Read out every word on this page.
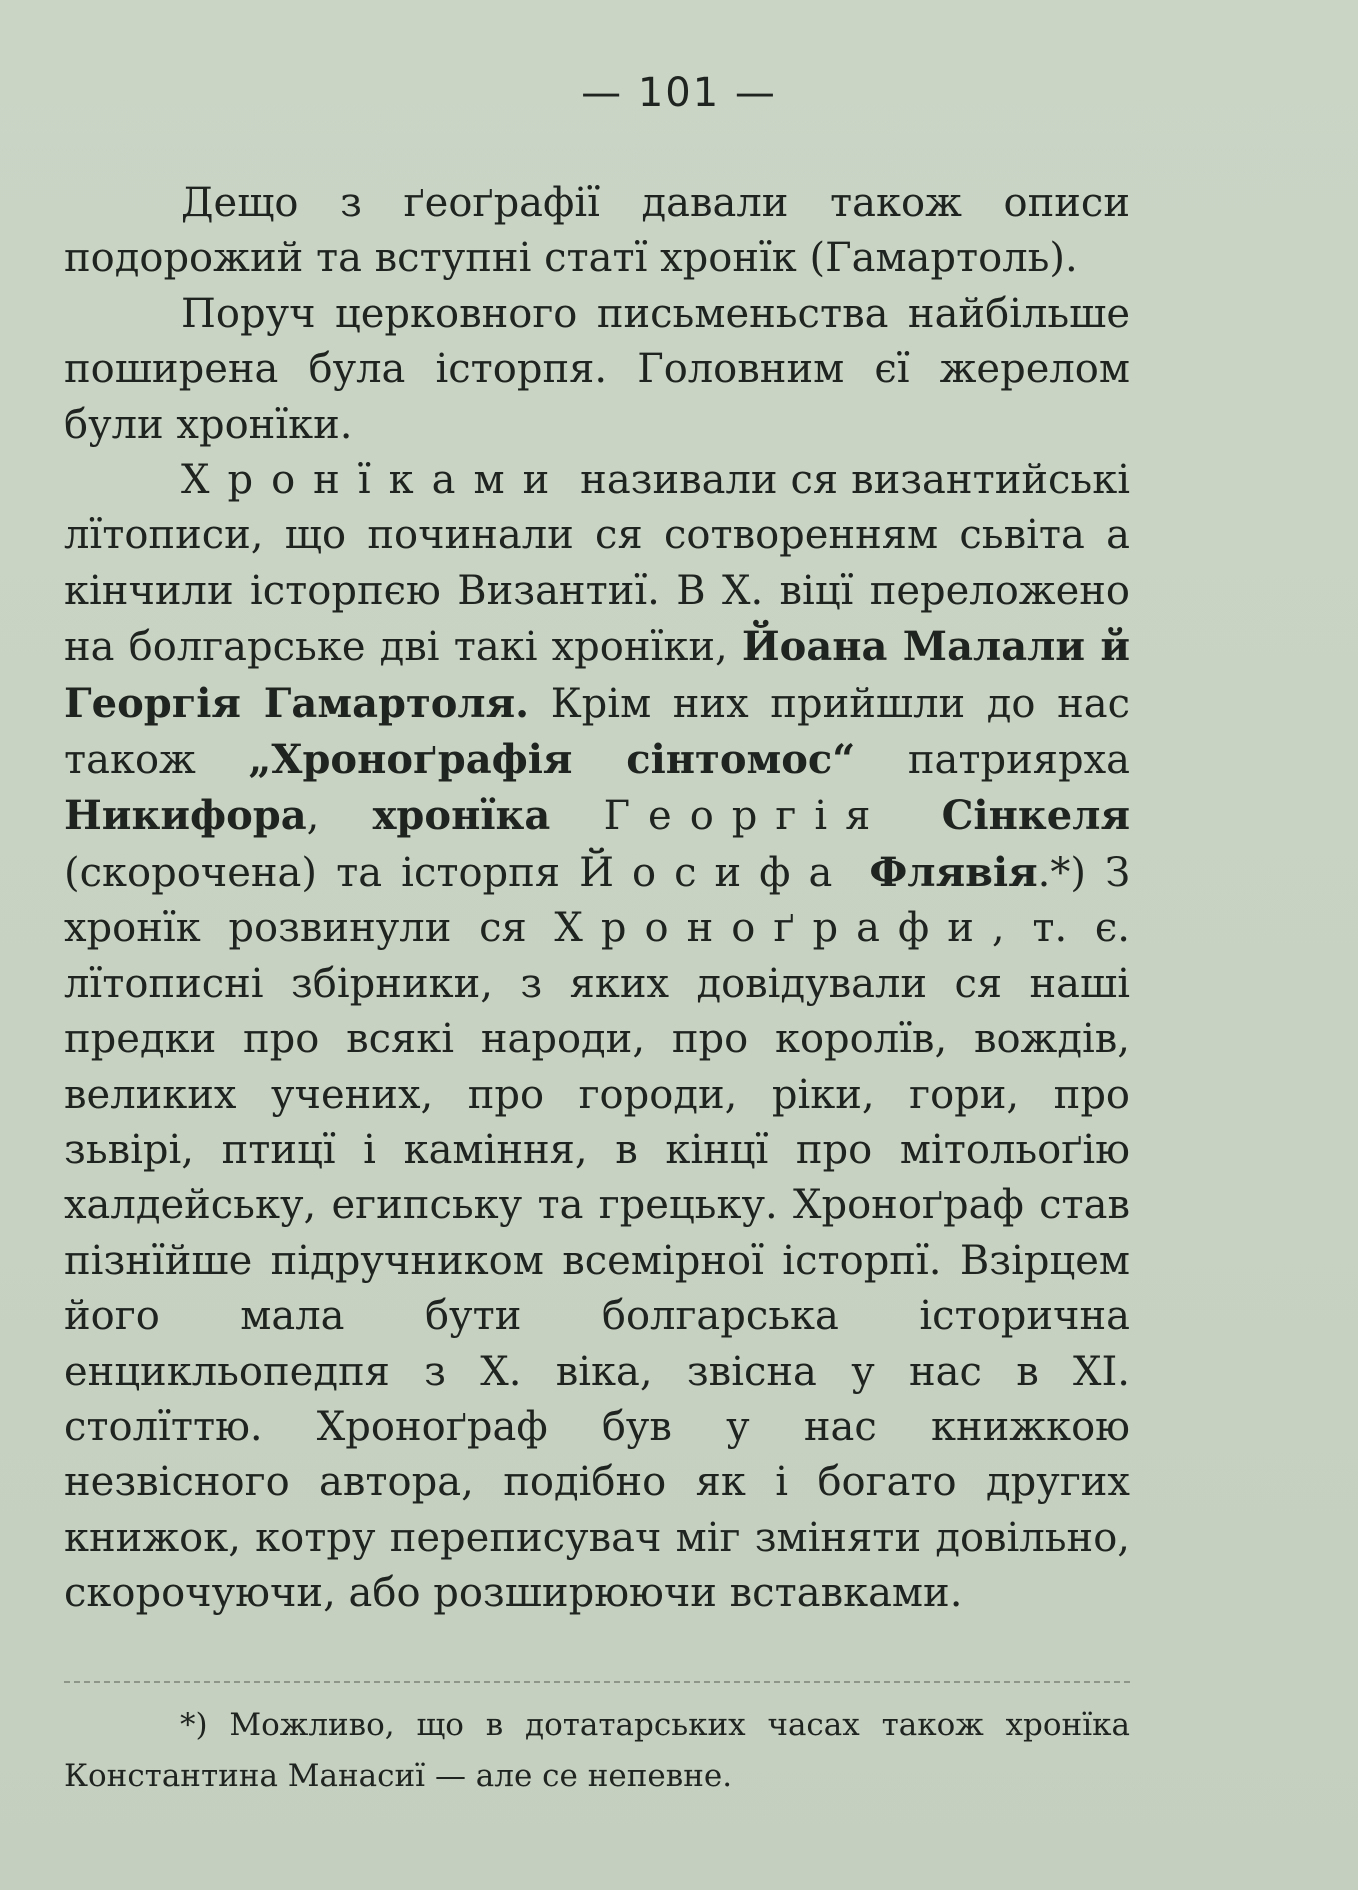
— 101 —

Дещо з ґеоґрафії давали також описи подорожий та вступні статї хронїк (Гамартоль).

Поруч церковного письменьства найбільше поширена була історпя. Головним єї жерелом були хронїки.

Хронїками називали ся византийські лїтописи, що починали ся сотворенням сьвіта а кінчили історпєю Византиї. В Х. віцї переложено на болгарське дві такі хронїки, Йоана Малали й Георгія Гамартоля. Крім них прийшли до нас також „Хроноґрафія сінтомос“ патриярха Никифора, хронїка Георгія Сінкеля (скорочена) та історпя Йосифа Флявія.*) З хронїк розвинули ся Хроноґрафи, т. є. лїтописні збірники, з яких довідували ся наші предки про всякі народи, про королїв, вождів, великих учених, про городи, ріки, гори, про зьвірі, птицї і каміння, в кінцї про мітольоґію халдейську, египську та грецьку. Хроноґраф став пізнїйше підручником всемірної історпї. Взірцем його мала бути болгарська історична енцикльопедпя з Х. віка, звісна у нас в XI. столїттю. Хроноґраф був у нас книжкою незвісного автора, подібно як і богато других книжок, котру переписувач міг зміняти довільно, скорочуючи, або розширюючи вставками.

*) Можливо, що в дотатарських часах також хронїка Константина Манасиї — але се непевне.
